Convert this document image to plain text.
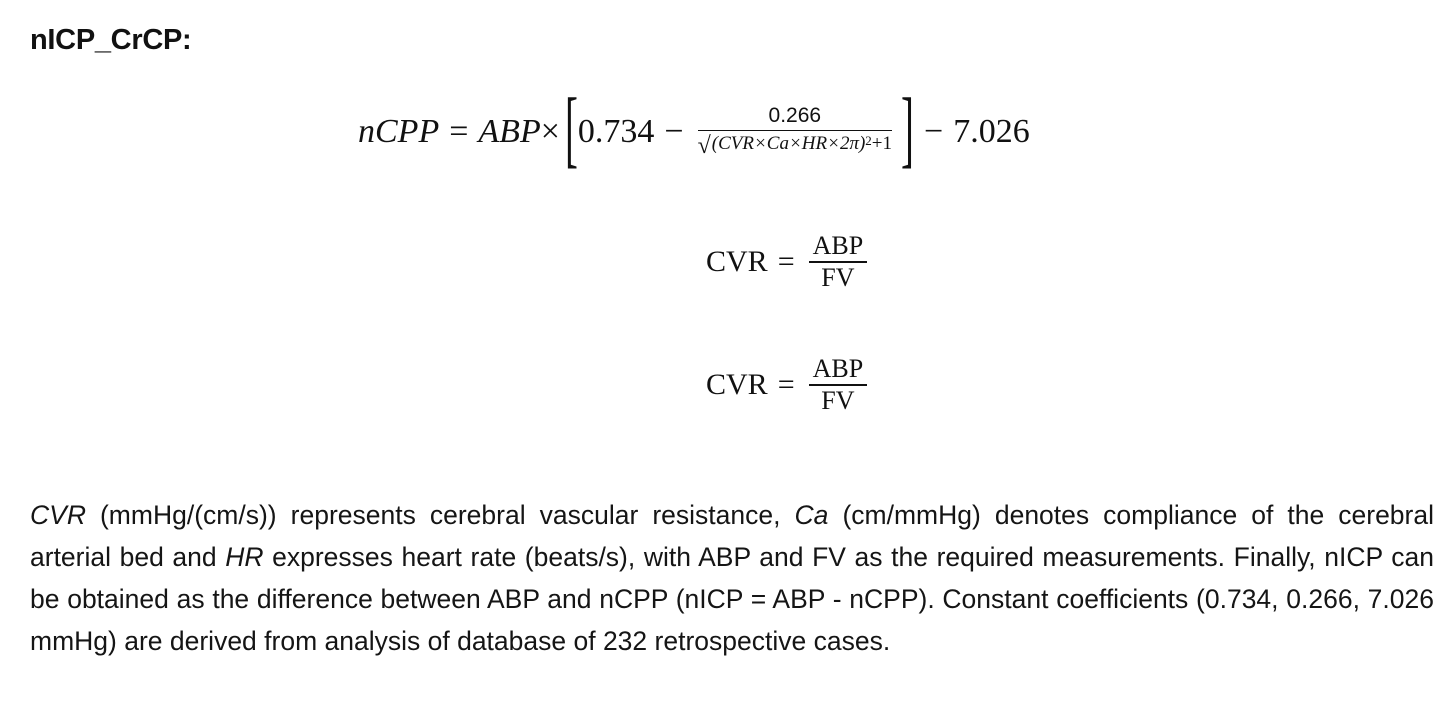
nICP_CrCP:
nCPP = ABP × [ $0.734 - \frac{0.266}{\text{√ (CVR×Ca×HR×2π) 2 +1}}$ ] − 7.026
CVR = $\frac{\text{ABP}}{FV}$
CVR = $\frac{\text{ABP}}{FV}$

CVR (mmHg/(cm/s)) represents cerebral vascular resistance, Ca (cm/mmHg) denotes compliance of the cerebral arterial bed and HR expresses heart rate (beats/s), with ABP and FV as the required measurements. Finally, nICP can be obtained as the difference between ABP and nCPP (nICP = ABP - nCPP). Constant coefficients (0.734, 0.266, 7.026 mmHg) are derived from analysis of database of 232 retrospective cases.
